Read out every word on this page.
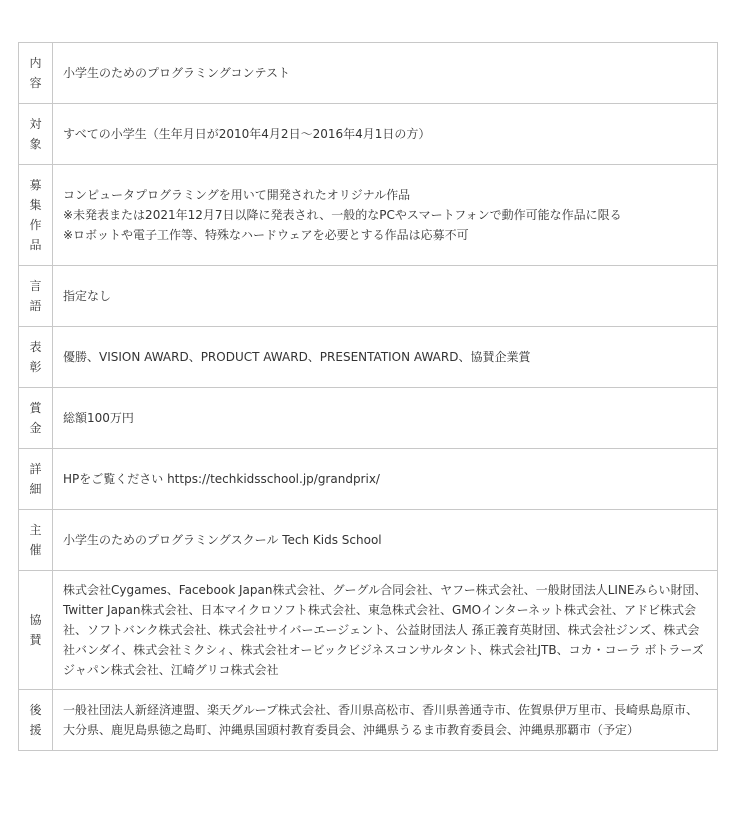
内容	小学生のためのプログラミングコンテスト

対象	すべての小学生（生年月日が2010年4月2日〜2016年4月1日の方）

募集作品	コンピュータプログラミングを用いて開発されたオリジナル作品
※未発表または2021年12月7日以降に発表され、一般的なPCやスマートフォンで動作可能な作品に限る
※ロボットや電子工作等、特殊なハードウェアを必要とする作品は応募不可

言語	指定なし

表彰	優勝、VISION AWARD、PRODUCT AWARD、PRESENTATION AWARD、協賛企業賞

賞金	総額100万円

詳細	HPをご覧ください https://techkidsschool.jp/grandprix/

主催	小学生のためのプログラミングスクール Tech Kids School

協賛	株式会社Cygames、Facebook Japan株式会社、グーグル合同会社、ヤフー株式会社、一般財団法人LINEみらい財団、Twitter Japan株式会社、日本マイクロソフト株式会社、東急株式会社、GMOインターネット株式会社、アドビ株式会社、ソフトバンク株式会社、株式会社サイバーエージェント、公益財団法人 孫正義育英財団、株式会社ジンズ、株式会社バンダイ、株式会社ミクシィ、株式会社オービックビジネスコンサルタント、株式会社JTB、コカ・コーラ ボトラーズジャパン株式会社、江崎グリコ株式会社

後援	一般社団法人新経済連盟、楽天グループ株式会社、香川県高松市、香川県善通寺市、佐賀県伊万里市、長崎県島原市、大分県、鹿児島県徳之島町、沖縄県国頭村教育委員会、沖縄県うるま市教育委員会、沖縄県那覇市（予定）
